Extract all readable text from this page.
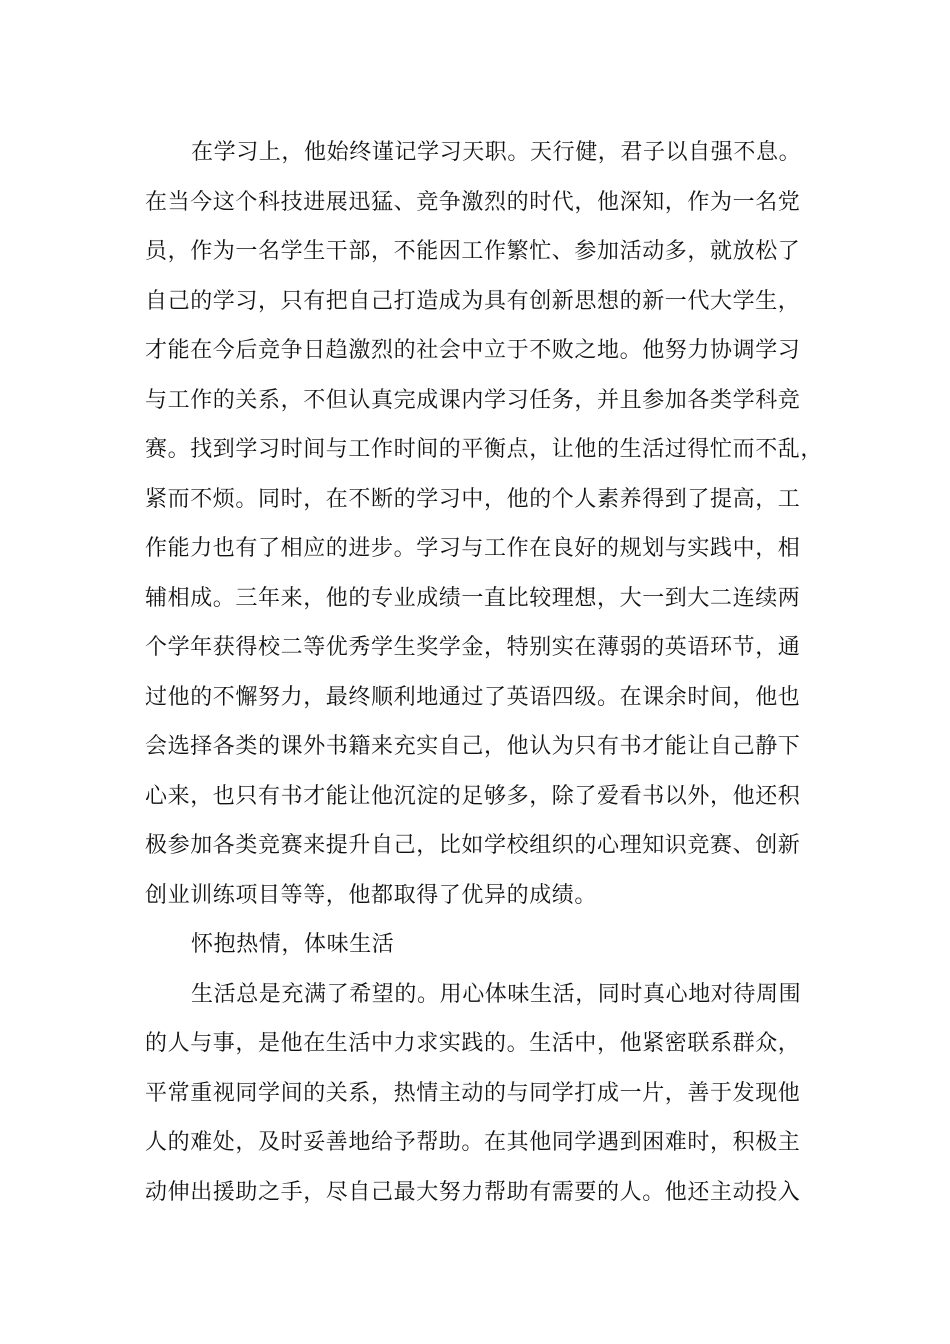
在学习上，他始终谨记学习天职。天行健，君子以自强不息。
在当今这个科技进展迅猛、竞争激烈的时代，他深知，作为一名党
员，作为一名学生干部，不能因工作繁忙、参加活动多，就放松了
自己的学习，只有把自己打造成为具有创新思想的新一代大学生，
才能在今后竞争日趋激烈的社会中立于不败之地。他努力协调学习
与工作的关系，不但认真完成课内学习任务，并且参加各类学科竞
赛。找到学习时间与工作时间的平衡点，让他的生活过得忙而不乱，
紧而不烦。同时，在不断的学习中，他的个人素养得到了提高，工
作能力也有了相应的进步。学习与工作在良好的规划与实践中，相
辅相成。三年来，他的专业成绩一直比较理想，大一到大二连续两
个学年获得校二等优秀学生奖学金，特别实在薄弱的英语环节，通
过他的不懈努力，最终顺利地通过了英语四级。在课余时间，他也
会选择各类的课外书籍来充实自己，他认为只有书才能让自己静下
心来，也只有书才能让他沉淀的足够多，除了爱看书以外，他还积
极参加各类竞赛来提升自己，比如学校组织的心理知识竞赛、创新
创业训练项目等等，他都取得了优异的成绩。
怀抱热情，体味生活
生活总是充满了希望的。用心体味生活，同时真心地对待周围
的人与事，是他在生活中力求实践的。生活中，他紧密联系群众，
平常重视同学间的关系，热情主动的与同学打成一片，善于发现他
人的难处，及时妥善地给予帮助。在其他同学遇到困难时，积极主
动伸出援助之手，尽自己最大努力帮助有需要的人。他还主动投入
